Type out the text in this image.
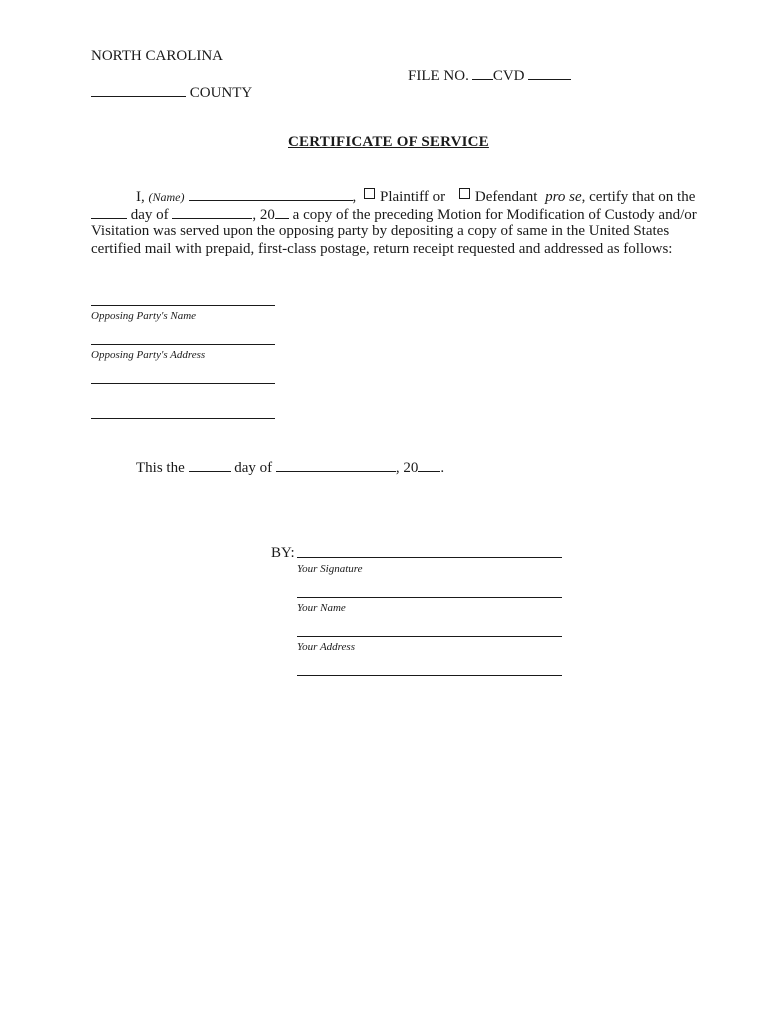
NORTH CAROLINA
FILE NO. CVD
COUNTY
CERTIFICATE OF SERVICE
I, (Name)	, Plaintiff or Defendant pro se, certify that on the
day of	, 20 a copy of the preceding Motion for Modification of Custody and/or
Visitation was served upon the opposing party by depositing a copy of same in the United States
certified mail with prepaid, first-class postage, return receipt requested and addressed as follows:
Opposing Party's Name
Opposing Party's Address
This the	day of	, 20 .
BY:
Your Signature
Your Name
Your Address
